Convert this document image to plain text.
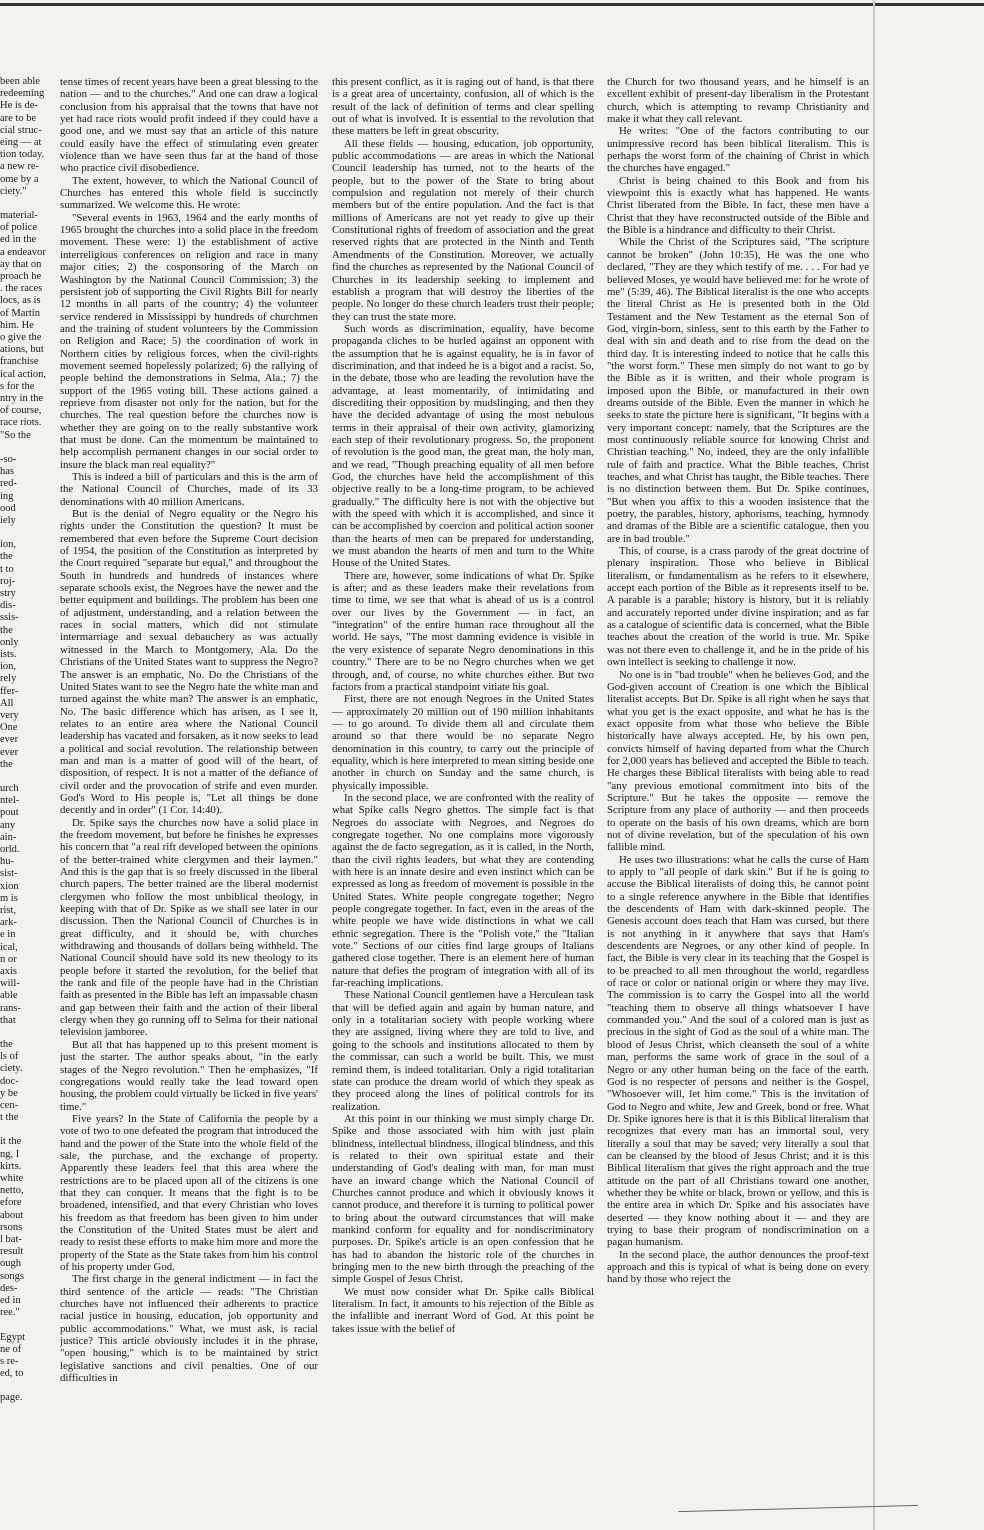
been able
redeeming
He is de-
are to be
cial struc-
eing — at
tion today.
a new re-
ome by a
ciety."
material-
of police
ed in the
a endeavor
ay that on
proach he
. the races
locs, as is
of Martin
him. He
o give the
ations, but
franchise
ical action,
s for the
ntry in the
of course,
race riots.
"So the
-so-
has
red-
ing
ood
iely
ion,
the
t to
roj-
stry
dis-
ssis-
the
only
ists.
ion,
rely
ffer-
All
very
One
ever
ever
the
urch
ntel-
pout
any
ain-
orld.
hu-
sist-
xion
m is
rist,
ark-
e in
ical,
n or
axis
will-
able
rans-
that
the
ls of
ciety.
doc-
y be
cen-
t the
it the
ng, I
kirts.
white
netto,
efore
about
rsons
l bat-
result
ough
songs
des-
ed in
ree."
Egypt
ne of
s re-
ed, to
page.

tense times of recent years have been a great blessing to the nation — and to the churches." And one can draw a logical conclusion from his appraisal that the towns that have not yet had race riots would profit indeed if they could have a good one, and we must say that an article of this nature could easily have the effect of stimulating even greater violence than we have seen thus far at the hand of those who practice civil disobedience.

The extent, however, to which the National Council of Churches has entered this whole field is succinctly summarized. We welcome this. He wrote:

"Several events in 1963, 1964 and the early months of 1965 brought the churches into a solid place in the freedom movement. These were: 1) the establishment of active interreligious conferences on religion and race in many major cities; 2) the cosponsoring of the March on Washington by the National Council Commission; 3) the persistent job of supporting the Civil Rights Bill for nearly 12 months in all parts of the country; 4) the volunteer service rendered in Mississippi by hundreds of churchmen and the training of student volunteers by the Commission on Religion and Race; 5) the coordination of work in Northern cities by religious forces, when the civil-rights movement seemed hopelessly polarized; 6) the rallying of people behind the demonstrations in Selma, Ala.; 7) the support of the 1965 voting bill. These actions gained a reprieve from disaster not only for the nation, but for the churches. The real question before the churches now is whether they are going on to the really substantive work that must be done. Can the momentum be maintained to help accomplish permanent changes in our social order to insure the black man real equality?"

This is indeed a bill of particulars and this is the arm of the National Council of Churches, made of its 33 denominations with 40 million Americans.

But is the denial of Negro equality or the Negro his rights under the Constitution the question? It must be remembered that even before the Supreme Court decision of 1954, the position of the Constitution as interpreted by the Court required "separate but equal," and throughout the South in hundreds and hundreds of instances where separate schools exist, the Negroes have the newer and the better equipment and buildings. The problem has been one of adjustment, understanding, and a relation between the races in social matters, which did not stimulate intermarriage and sexual debauchery as was actually witnessed in the March to Montgomery, Ala. Do the Christians of the United States want to suppress the Negro? The answer is an emphatic, No. Do the Christians of the United States want to see the Negro hate the white man and turned against the white man? The answer is an emphatic, No. The basic difference which has arisen, as I see it, relates to an entire area where the National Council leadership has vacated and forsaken, as it now seeks to lead a political and social revolution. The relationship between man and man is a matter of good will of the heart, of disposition, of respect. It is not a matter of the defiance of civil order and the provocation of strife and even murder. God's Word to His people is, "Let all things be done decently and in order" (1 Cor. 14:40).

Dr. Spike says the churches now have a solid place in the freedom movement, but before he finishes he expresses his concern that "a real rift developed between the opinions of the better-trained white clergymen and their laymen." And this is the gap that is so freely discussed in the liberal church papers. The better trained are the liberal modernist clergymen who follow the most unbiblical theology, in keeping with that of Dr. Spike as we shall see later in our discussion. Then the National Council of Churches is in great difficulty, and it should be, with churches withdrawing and thousands of dollars being withheld. The National Council should have sold its new theology to its people before it started the revolution, for the belief that the rank and file of the people have had in the Christian faith as presented in the Bible has left an impassable chasm and gap between their faith and the action of their liberal clergy when they go running off to Selma for their national television jamboree.

But all that has happened up to this present moment is just the starter. The author speaks about, "in the early stages of the Negro revolution." Then he emphasizes, "If congregations would really take the lead toward open housing, the problem could virtually be licked in five years' time."

Five years? In the State of California the people by a vote of two to one defeated the program that introduced the hand and the power of the State into the whole field of the sale, the purchase, and the exchange of property. Apparently these leaders feel that this area where the restrictions are to be placed upon all of the citizens is one that they can conquer. It means that the fight is to be broadened, intensified, and that every Christian who loves his freedom as that freedom has been given to him under the Constitution of the United States must be alert and ready to resist these efforts to make him more and more the property of the State as the State takes from him his control of his property under God.

The first charge in the general indictment — in fact the third sentence of the article — reads: "The Christian churches have not influenced their adherents to practice racial justice in housing, education, job opportunity and public accommodations." What, we must ask, is racial justice? This article obviously includes it in the phrase, "open housing," which is to be maintained by strict legislative sanctions and civil penalties. One of our difficulties in

this present conflict, as it is raging out of hand, is that there is a great area of uncertainty, confusion, all of which is the result of the lack of definition of terms and clear spelling out of what is involved. It is essential to the revolution that these matters be left in great obscurity.

All these fields — housing, education, job opportunity, public accommodations — are areas in which the National Council leadership has turned, not to the hearts of the people, but to the power of the State to bring about compulsion and regulation not merely of their church members but of the entire population. And the fact is that millions of Americans are not yet ready to give up their Constitutional rights of freedom of association and the great reserved rights that are protected in the Ninth and Tenth Amendments of the Constitution. Moreover, we actually find the churches as represented by the National Council of Churches in its leadership seeking to implement and establish a program that will destroy the liberties of the people. No longer do these church leaders trust their people; they can trust the state more.

Such words as discrimination, equality, have become propaganda cliches to be hurled against an opponent with the assumption that he is against equality, he is in favor of discrimination, and that indeed he is a bigot and a racist. So, in the debate, those who are leading the revolution have the advantage, at least momentarily, of intimidating and discrediting their opposition by mudslinging, and then they have the decided advantage of using the most nebulous terms in their appraisal of their own activity, glamorizing each step of their revolutionary progress. So, the proponent of revolution is the good man, the great man, the holy man, and we read, "Though preaching equality of all men before God, the churches have held the accomplishment of this objective really to be a long-time program, to be achieved gradually." The difficulty here is not with the objective but with the speed with which it is accomplished, and since it can be accomplished by coercion and political action sooner than the hearts of men can be prepared for understanding, we must abandon the hearts of men and turn to the White House of the United States.

There are, however, some indications of what Dr. Spike is after; and as these leaders make their revelations from time to time, we see that what is ahead of us is a control over our lives by the Government — in fact, an "integration" of the entire human race throughout all the world. He says, "The most damning evidence is visible in the very existence of separate Negro denominations in this country." There are to be no Negro churches when we get through, and, of course, no white churches either. But two factors from a practical standpoint vitiate his goal.

First, there are not enough Negroes in the United States — approximately 20 million out of 190 million inhabitants — to go around. To divide them all and circulate them around so that there would be no separate Negro denomination in this country, to carry out the principle of equality, which is here interpreted to mean sitting beside one another in church on Sunday and the same church, is physically impossible.

In the second place, we are confronted with the reality of what Spike calls Negro ghettos. The simple fact is that Negroes do associate with Negroes, and Negroes do congregate together. No one complains more vigorously against the de facto segregation, as it is called, in the North, than the civil rights leaders, but what they are contending with here is an innate desire and even instinct which can be expressed as long as freedom of movement is possible in the United States. White people congregate together; Negro people congregate together. In fact, even in the areas of the white people we have wide distinctions in what we call ethnic segregation. There is the "Polish vote," the "Italian vote." Sections of our cities find large groups of Italians gathered close together. There is an element here of human nature that defies the program of integration with all of its far-reaching implications.

These National Council gentlemen have a Herculean task that will be defied again and again by human nature, and only in a totalitarian society with people working where they are assigned, living where they are told to live, and going to the schools and institutions allocated to them by the commissar, can such a world be built. This, we must remind them, is indeed totalitarian. Only a rigid totalitarian state can produce the dream world of which they speak as they proceed along the lines of political controls for its realization.

At this point in our thinking we must simply charge Dr. Spike and those associated with him with just plain blindness, intellectual blindness, illogical blindness, and this is related to their own spiritual estate and their understanding of God's dealing with man, for man must have an inward change which the National Council of Churches cannot produce and which it obviously knows it cannot produce, and therefore it is turning to political power to bring about the outward circumstances that will make mankind conform for equality and for nondiscriminatory purposes. Dr. Spike's article is an open confession that he has had to abandon the historic role of the churches in bringing men to the new birth through the preaching of the simple Gospel of Jesus Christ.

We must now consider what Dr. Spike calls Biblical literalism. In fact, it amounts to his rejection of the Bible as the infallible and inerrant Word of God. At this point he takes issue with the belief of

the Church for two thousand years, and he himself is an excellent exhibit of present-day liberalism in the Protestant church, which is attempting to revamp Christianity and make it what they call relevant.

He writes: "One of the factors contributing to our unimpressive record has been biblical literalism. This is perhaps the worst form of the chaining of Christ in which the churches have engaged."

Christ is being chained to this Book and from his viewpoint this is exactly what has happened. He wants Christ liberated from the Bible. In fact, these men have a Christ that they have reconstructed outside of the Bible and the Bible is a hindrance and difficulty to their Christ.

While the Christ of the Scriptures said, "The scripture cannot be broken" (John 10:35), He was the one who declared, "They are they which testify of me. . . . For had ye believed Moses, ye would have believed me: for he wrote of me" (5:39, 46). The Biblical literalist is the one who accepts the literal Christ as He is presented both in the Old Testament and the New Testament as the eternal Son of God, virgin-born, sinless, sent to this earth by the Father to deal with sin and death and to rise from the dead on the third day. It is interesting indeed to notice that he calls this "the worst form." These men simply do not want to go by the Bible as it is written, and their whole program is imposed upon the Bible, or manufactured in their own dreams outside of the Bible. Even the manner in which he seeks to state the picture here is significant, "It begins with a very important concept: namely, that the Scriptures are the most continuously reliable source for knowing Christ and Christian teaching." No, indeed, they are the only infallible rule of faith and practice. What the Bible teaches, Christ teaches, and what Christ has taught, the Bible teaches. There is no distinction between them. But Dr. Spike continues, "But when you affix to this a wooden insistence that the poetry, the parables, history, aphorisms, teaching, hymnody and dramas of the Bible are a scientific catalogue, then you are in bad trouble."

This, of course, is a crass parody of the great doctrine of plenary inspiration. Those who believe in Biblical literalism, or fundamentalism as he refers to it elsewhere, accept each portion of the Bible as it represents itself to be. A parable is a parable; history is history, but it is reliably and accurately reported under divine inspiration; and as far as a catalogue of scientific data is concerned, what the Bible teaches about the creation of the world is true. Mr. Spike was not there even to challenge it, and he in the pride of his own intellect is seeking to challenge it now.

No one is in "bad trouble" when he believes God, and the God-given account of Creation is one which the Biblical literalist accepts. But Dr. Spike is all right when he says that what you get is the exact opposite, and what he has is the exact opposite from what those who believe the Bible historically have always accepted. He, by his own pen, convicts himself of having departed from what the Church for 2,000 years has believed and accepted the Bible to teach. He charges these Biblical literalists with being able to read "any previous emotional commitment into bits of the Scripture." But he takes the opposite — remove the Scripture from any place of authority — and then proceeds to operate on the basis of his own dreams, which are born not of divine revelation, but of the speculation of his own fallible mind.

He uses two illustrations: what he calls the curse of Ham to apply to "all people of dark skin." But if he is going to accuse the Biblical literalists of doing this, he cannot point to a single reference anywhere in the Bible that identifies the descendents of Ham with dark-skinned people. The Genesis account does teach that Ham was cursed, but there is not anything in it anywhere that says that Ham's descendents are Negroes, or any other kind of people. In fact, the Bible is very clear in its teaching that the Gospel is to be preached to all men throughout the world, regardless of race or color or national origin or where they may live. The commission is to carry the Gospel into all the world "teaching them to observe all things whatsoever I have commanded you." And the soul of a colored man is just as precious in the sight of God as the soul of a white man. The blood of Jesus Christ, which cleanseth the soul of a white man, performs the same work of grace in the soul of a Negro or any other human being on the face of the earth. God is no respecter of persons and neither is the Gospel, "Whosoever will, let him come." This is the invitation of God to Negro and white, Jew and Greek, bond or free. What Dr. Spike ignores here is that it is this Biblical literalism that recognizes that every man has an immortal soul, very literally a soul that may be saved; very literally a soul that can be cleansed by the blood of Jesus Christ; and it is this Biblical literalism that gives the right approach and the true attitude on the part of all Christians toward one another, whether they be white or black, brown or yellow, and this is the entire area in which Dr. Spike and his associates have deserted — they know nothing about it — and they are trying to base their program of nondiscrimination on a pagan humanism.

In the second place, the author denounces the proof-text approach and this is typical of what is being done on every hand by those who reject the
